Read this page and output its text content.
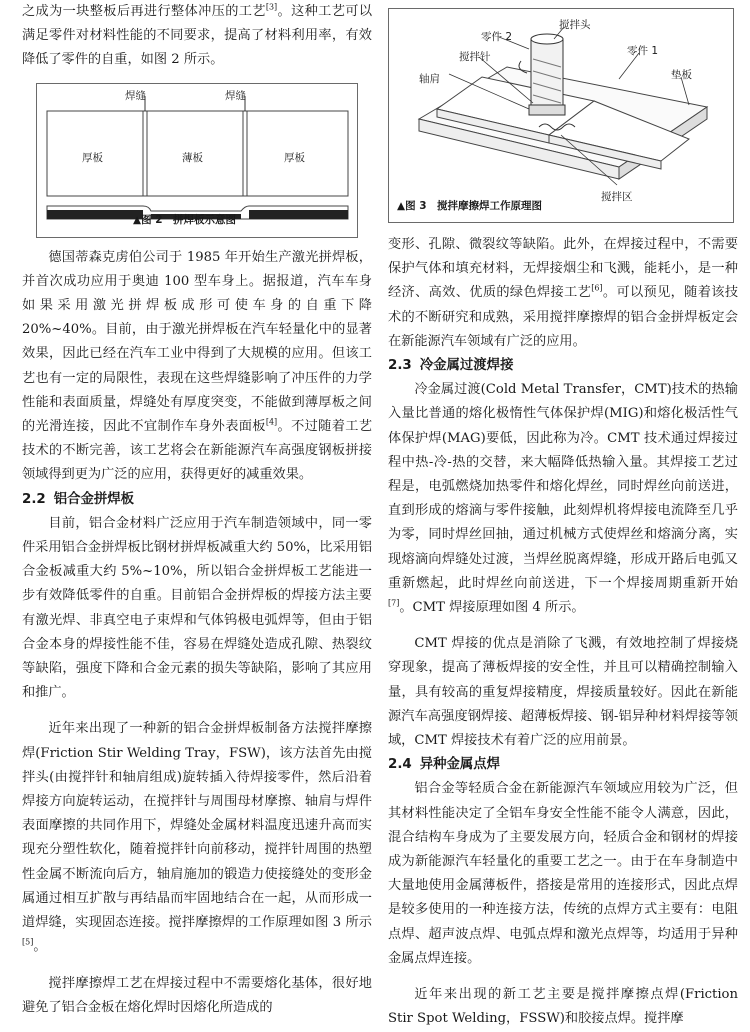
之成为一块整板后再进行整体冲压的工艺[3]。这种工艺可以满足零件对材料性能的不同要求，提高了材料利用率，有效降低了零件的自重，如图 2 所示。

焊缝	焊缝
厚板	薄板	厚板
▲图 2　拼焊板示意图

德国蒂森克虏伯公司于 1985 年开始生产激光拼焊板，并首次成功应用于奥迪 100 型车身上。据报道，汽车车身如果采用激光拼焊板成形可使车身的自重下降 20%~40%。目前，由于激光拼焊板在汽车轻量化中的显著效果，因此已经在汽车工业中得到了大规模的应用。但该工艺也有一定的局限性，表现在这些焊缝影响了冲压件的力学性能和表面质量，焊缝处有厚度突变，不能做到薄厚板之间的光滑连接，因此不宜制作车身外表面板[4]。不过随着工艺技术的不断完善，该工艺将会在新能源汽车高强度钢板拼接领域得到更为广泛的应用，获得更好的减重效果。

2.2 铝合金拼焊板

目前，铝合金材料广泛应用于汽车制造领域中，同一零件采用铝合金拼焊板比钢材拼焊板减重大约 50%，比采用铝合金板减重大约 5%~10%，所以铝合金拼焊板工艺能进一步有效降低零件的自重。目前铝合金拼焊板的焊接方法主要有激光焊、非真空电子束焊和气体钨极电弧焊等，但由于铝合金本身的焊接性能不佳，容易在焊缝处造成孔隙、热裂纹等缺陷，强度下降和合金元素的损失等缺陷，影响了其应用和推广。

近年来出现了一种新的铝合金拼焊板制备方法搅拌摩擦焊(Friction Stir Welding Tray，FSW)，该方法首先由搅拌头(由搅拌针和轴肩组成)旋转插入待焊接零件，然后沿着焊接方向旋转运动，在搅拌针与周围母材摩擦、轴肩与焊件表面摩擦的共同作用下，焊缝处金属材料温度迅速升高而实现充分塑性软化，随着搅拌针向前移动，搅拌针周围的热塑性金属不断流向后方，轴肩施加的锻造力使接缝处的变形金属通过相互扩散与再结晶而牢固地结合在一起，从而形成一道焊缝，实现固态连接。搅拌摩擦焊的工作原理如图 3 所示[5]。

搅拌摩擦焊工艺在焊接过程中不需要熔化基体，很好地避免了铝合金板在熔化焊时因熔化所造成的

搅拌头
零件 2
搅拌针	零件 1
轴肩	垫板
搅拌区
▲图 3　搅拌摩擦焊工作原理图

变形、孔隙、微裂纹等缺陷。此外，在焊接过程中，不需要保护气体和填充材料，无焊接烟尘和飞溅，能耗小，是一种经济、高效、优质的绿色焊接工艺[6]。可以预见，随着该技术的不断研究和成熟，采用搅拌摩擦焊的铝合金拼焊板定会在新能源汽车领域有广泛的应用。

2.3 冷金属过渡焊接

冷金属过渡(Cold Metal Transfer，CMT)技术的热输入量比普通的熔化极惰性气体保护焊(MIG)和熔化极活性气体保护焊(MAG)要低，因此称为冷。CMT 技术通过焊接过程中热-冷-热的交替，来大幅降低热输入量。其焊接工艺过程是，电弧燃烧加热零件和熔化焊丝，同时焊丝向前送进，直到形成的熔滴与零件接触，此刻焊机将焊接电流降至几乎为零，同时焊丝回抽，通过机械方式使焊丝和熔滴分离，实现熔滴向焊缝处过渡，当焊丝脱离焊缝，形成开路后电弧又重新燃起，此时焊丝向前送进，下一个焊接周期重新开始[7]。CMT 焊接原理如图 4 所示。

CMT 焊接的优点是消除了飞溅，有效地控制了焊接烧穿现象，提高了薄板焊接的安全性，并且可以精确控制输入量，具有较高的重复焊接精度，焊接质量较好。因此在新能源汽车高强度钢焊接、超薄板焊接、钢-铝异种材料焊接等领域，CMT 焊接技术有着广泛的应用前景。

2.4 异种金属点焊

铝合金等轻质合金在新能源汽车领域应用较为广泛，但其材料性能决定了全铝车身安全性能不能令人满意，因此，混合结构车身成为了主要发展方向，轻质合金和钢材的焊接成为新能源汽车轻量化的重要工艺之一。由于在车身制造中大量地使用金属薄板件，搭接是常用的连接形式，因此点焊是较多使用的一种连接方法，传统的点焊方式主要有：电阻点焊、超声波点焊、电弧点焊和激光点焊等，均适用于异种金属点焊连接。

近年来出现的新工艺主要是搅拌摩擦点焊(Friction Stir Spot Welding，FSSW)和胶接点焊。搅拌摩
